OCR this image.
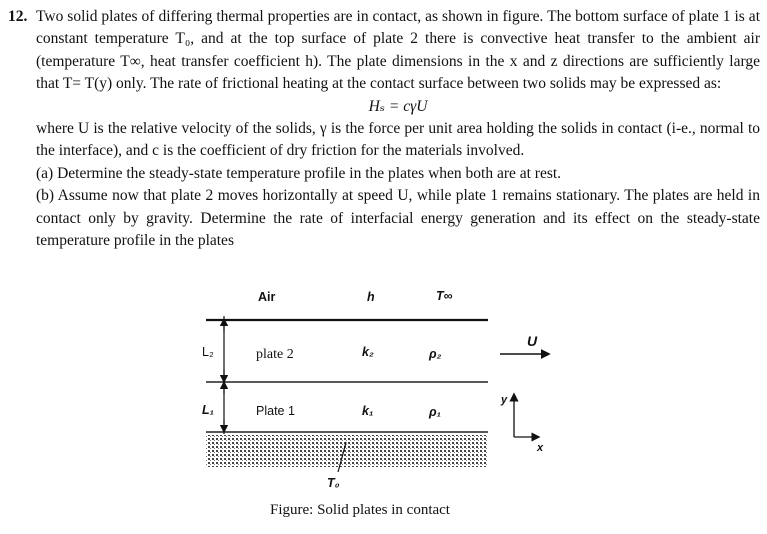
12. Two solid plates of differing thermal properties are in contact, as shown in figure. The bottom surface of plate 1 is at constant temperature T₀, and at the top surface of plate 2 there is convective heat transfer to the ambient air (temperature T∞, heat transfer coefficient h). The plate dimensions in the x and z directions are sufficiently large that T= T(y) only. The rate of frictional heating at the contact surface between two solids may be expressed as:
Hₛ = cγU
where U is the relative velocity of the solids, γ is the force per unit area holding the solids in contact (i-e., normal to the interface), and c is the coefficient of dry friction for the materials involved.
(a) Determine the steady-state temperature profile in the plates when both are at rest.
(b) Assume now that plate 2 moves horizontally at speed U, while plate 1 remains stationary. The plates are held in contact only by gravity. Determine the rate of interfacial energy generation and its effect on the steady-state temperature profile in the plates
Air	h	T∞
L₂	plate 2	k₂	ρ₂
L₁	Plate 1	k₁	ρ₁
U
y
x
T₀
Figure: Solid plates in contact
